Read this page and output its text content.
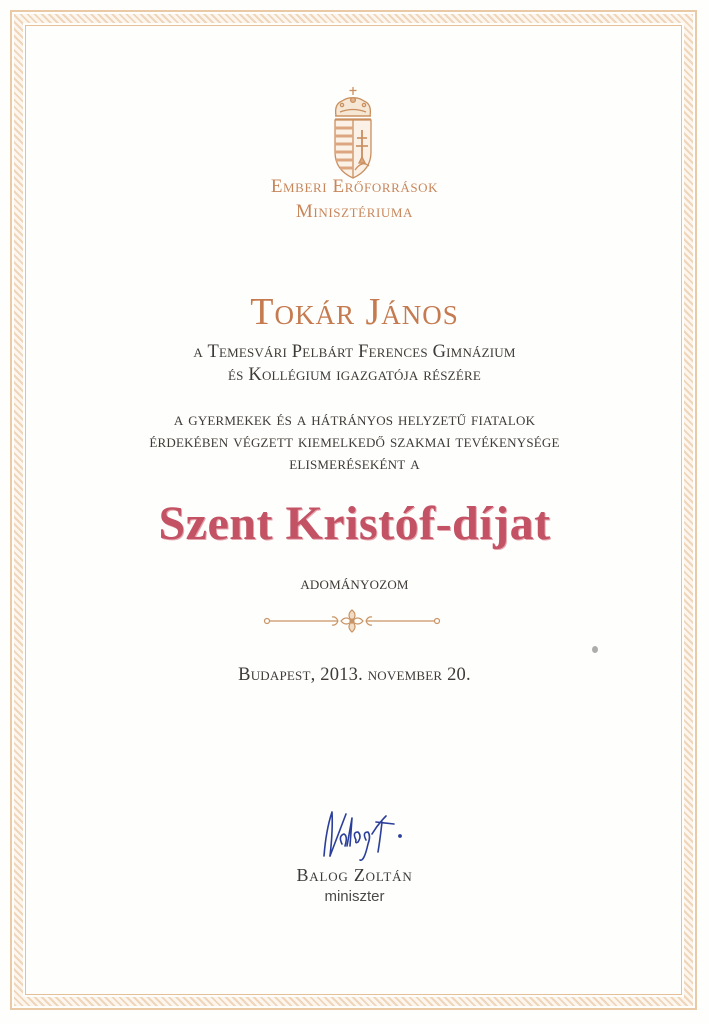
Emberi Erőforrások

Minisztériuma

Tokár János

a Temesvári Pelbárt Ferences Gimnázium

és Kollégium igazgatója részére

a gyermekek és a hátrányos helyzetű fiatalok

érdekében végzett kiemelkedő szakmai tevékenysége

elismeréseként a

Szent Kristóf-díjat

adományozom

Budapest, 2013. november 20.

Balog Zoltán

miniszter
